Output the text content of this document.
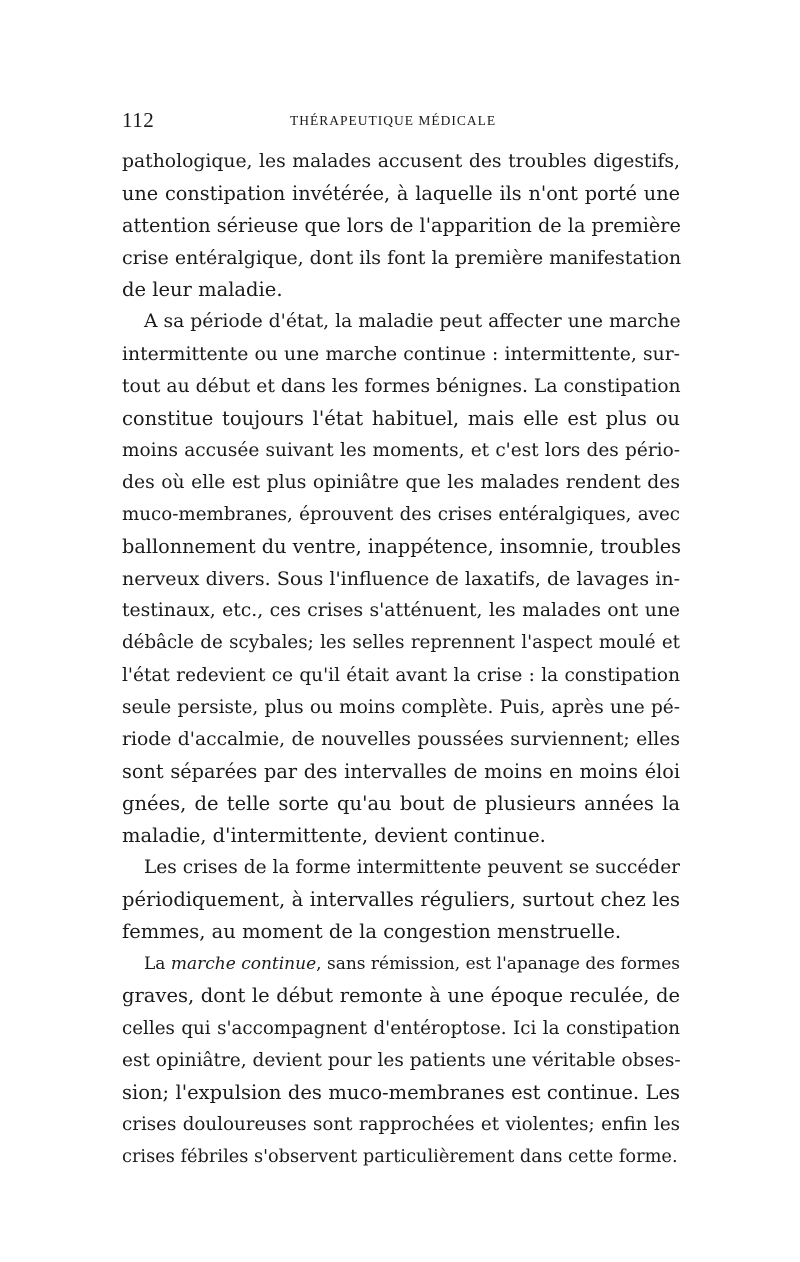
112	THÉRAPEUTIQUE MÉDICALE
pathologique, les malades accusent des troubles digestifs,
une constipation invétérée, à laquelle ils n'ont porté une
attention sérieuse que lors de l'apparition de la première
crise entéralgique, dont ils font la première manifestation
de leur maladie.
A sa période d'état, la maladie peut affecter une marche
intermittente ou une marche continue : intermittente, sur-
tout au début et dans les formes bénignes. La constipation
constitue toujours l'état habituel, mais elle est plus ou
moins accusée suivant les moments, et c'est lors des pério-
des où elle est plus opiniâtre que les malades rendent des
muco-membranes, éprouvent des crises entéralgiques, avec
ballonnement du ventre, inappétence, insomnie, troubles
nerveux divers. Sous l'influence de laxatifs, de lavages in-
testinaux, etc., ces crises s'atténuent, les malades ont une
débâcle de scybales; les selles reprennent l'aspect moulé et
l'état redevient ce qu'il était avant la crise : la constipation
seule persiste, plus ou moins complète. Puis, après une pé-
riode d'accalmie, de nouvelles poussées surviennent; elles
sont séparées par des intervalles de moins en moins éloi
gnées, de telle sorte qu'au bout de plusieurs années la
maladie, d'intermittente, devient continue.
Les crises de la forme intermittente peuvent se succéder
périodiquement, à intervalles réguliers, surtout chez les
femmes, au moment de la congestion menstruelle.
La marche continue, sans rémission, est l'apanage des formes
graves, dont le début remonte à une époque reculée, de
celles qui s'accompagnent d'entéroptose. Ici la constipation
est opiniâtre, devient pour les patients une véritable obses-
sion; l'expulsion des muco-membranes est continue. Les
crises douloureuses sont rapprochées et violentes; enfin les
crises fébriles s'observent particulièrement dans cette forme.
